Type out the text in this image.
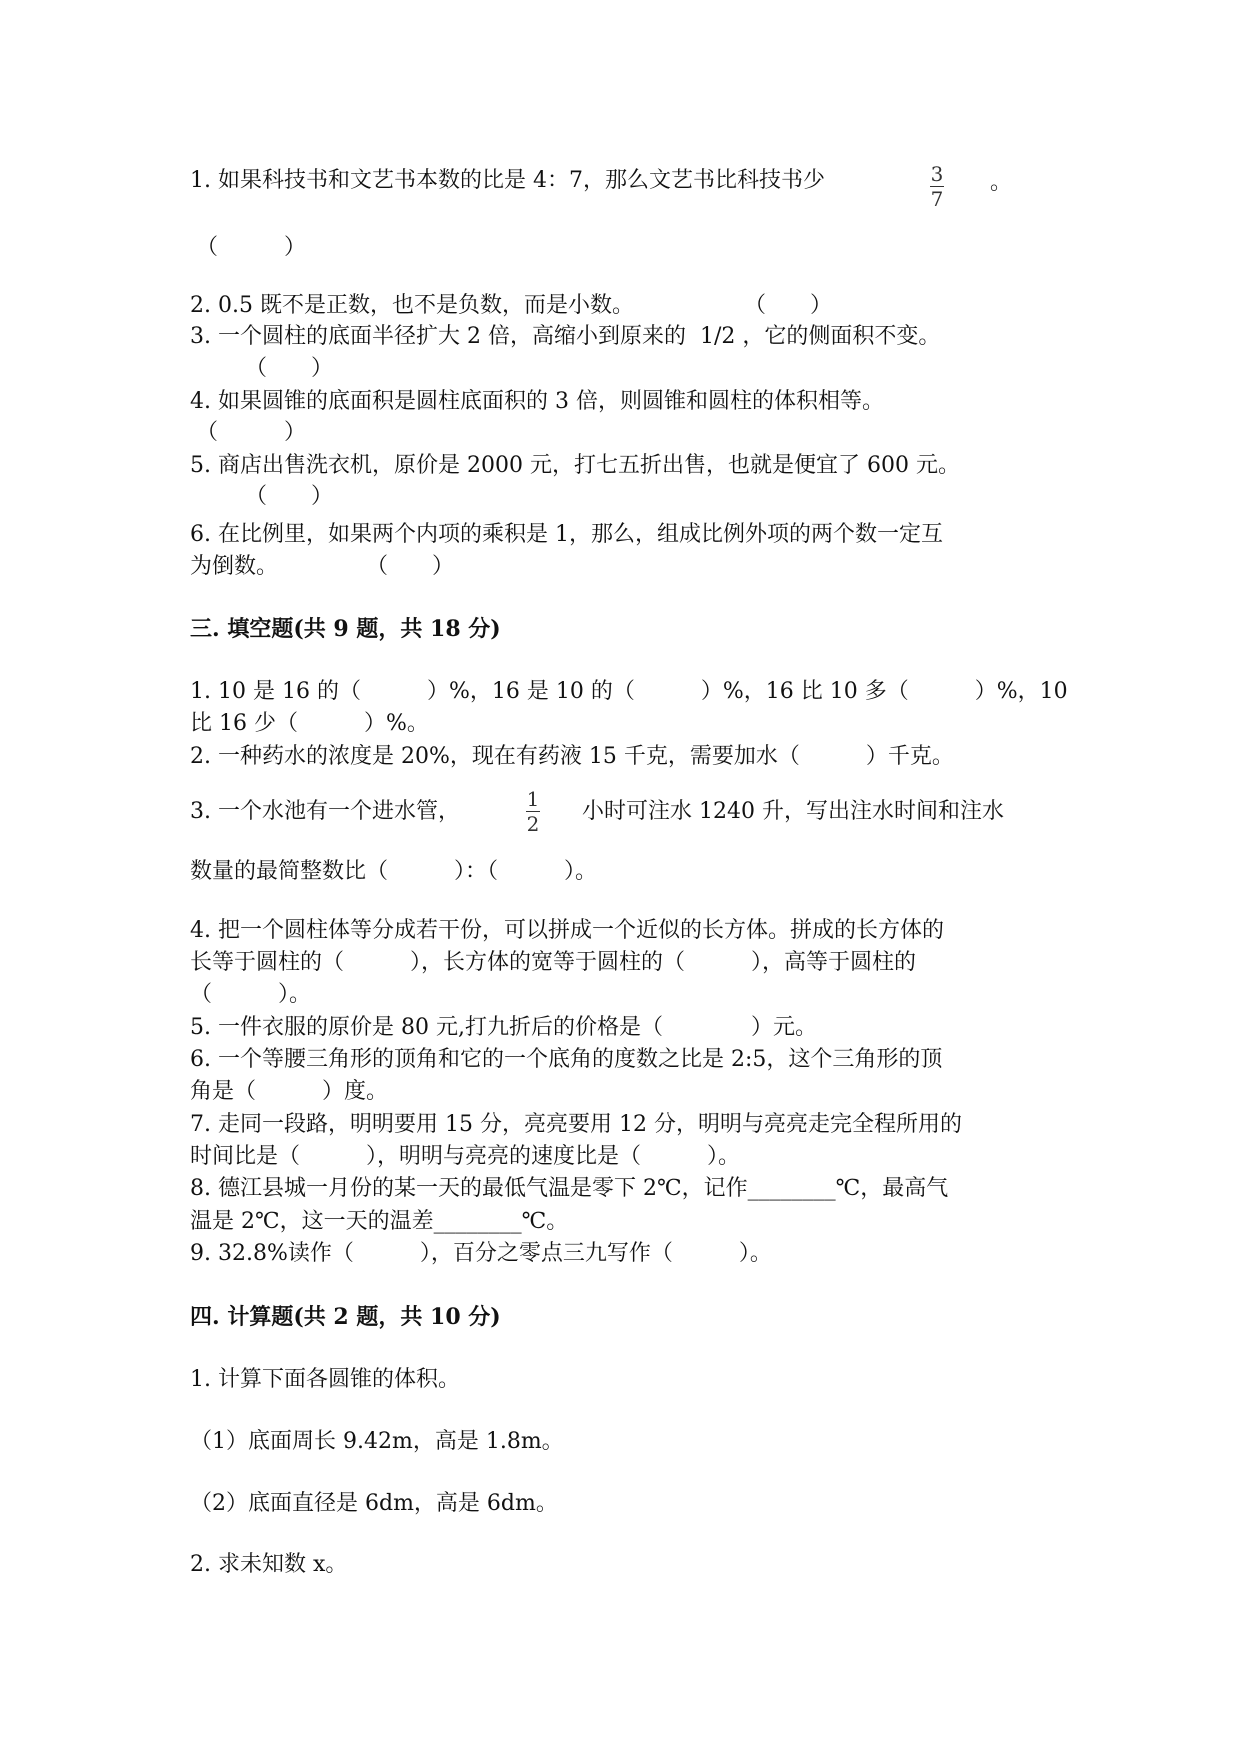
1. 如果科技书和文艺书本数的比是 4：7，那么文艺书比科技书少	3
7
。
（　　　）
2. 0.5 既不是正数，也不是负数，而是小数。　　　　　　（　　）
3. 一个圆柱的底面半径扩大 2 倍，高缩小到原来的  1/2 ，它的侧面积不变。
　　　（　　）
4. 如果圆锥的底面积是圆柱底面积的 3 倍，则圆锥和圆柱的体积相等。
（　　　）
5. 商店出售洗衣机，原价是 2000 元，打七五折出售，也就是便宜了 600 元。
　　　（　　）
6. 在比例里，如果两个内项的乘积是 1，那么，组成比例外项的两个数一定互
为倒数。　　　　　（　　）
三. 填空题(共 9 题，共 18 分)
1. 10 是 16 的（　　　）%，16 是 10 的（　　　）%，16 比 10 多（　　　）%，10
比 16 少（　　　）%。
2. 一种药水的浓度是 20%，现在有药液 15 千克，需要加水（　　　）千克。
3. 一个水池有一个进水管，	1
2 小时可注水 1240 升，写出注水时间和注水
数量的最简整数比（　　　）：（　　　）。
4. 把一个圆柱体等分成若干份，可以拼成一个近似的长方体。拼成的长方体的
长等于圆柱的（　　　），长方体的宽等于圆柱的（　　　），高等于圆柱的
（　　　）。
5. 一件衣服的原价是 80 元,打九折后的价格是（　　　　）元。
6. 一个等腰三角形的顶角和它的一个底角的度数之比是 2:5，这个三角形的顶
角是（　　　）度。
7. 走同一段路，明明要用 15 分，亮亮要用 12 分，明明与亮亮走完全程所用的
时间比是（　　　），明明与亮亮的速度比是（　　　）。
8. 德江县城一月份的某一天的最低气温是零下 2℃，记作________℃，最高气
温是 2℃，这一天的温差________℃。
9. 32.8%读作（　　　），百分之零点三九写作（　　　）。
四. 计算题(共 2 题，共 10 分)
1. 计算下面各圆锥的体积。
（1）底面周长 9.42m，高是 1.8m。
（2）底面直径是 6dm，高是 6dm。
2. 求未知数 x。
